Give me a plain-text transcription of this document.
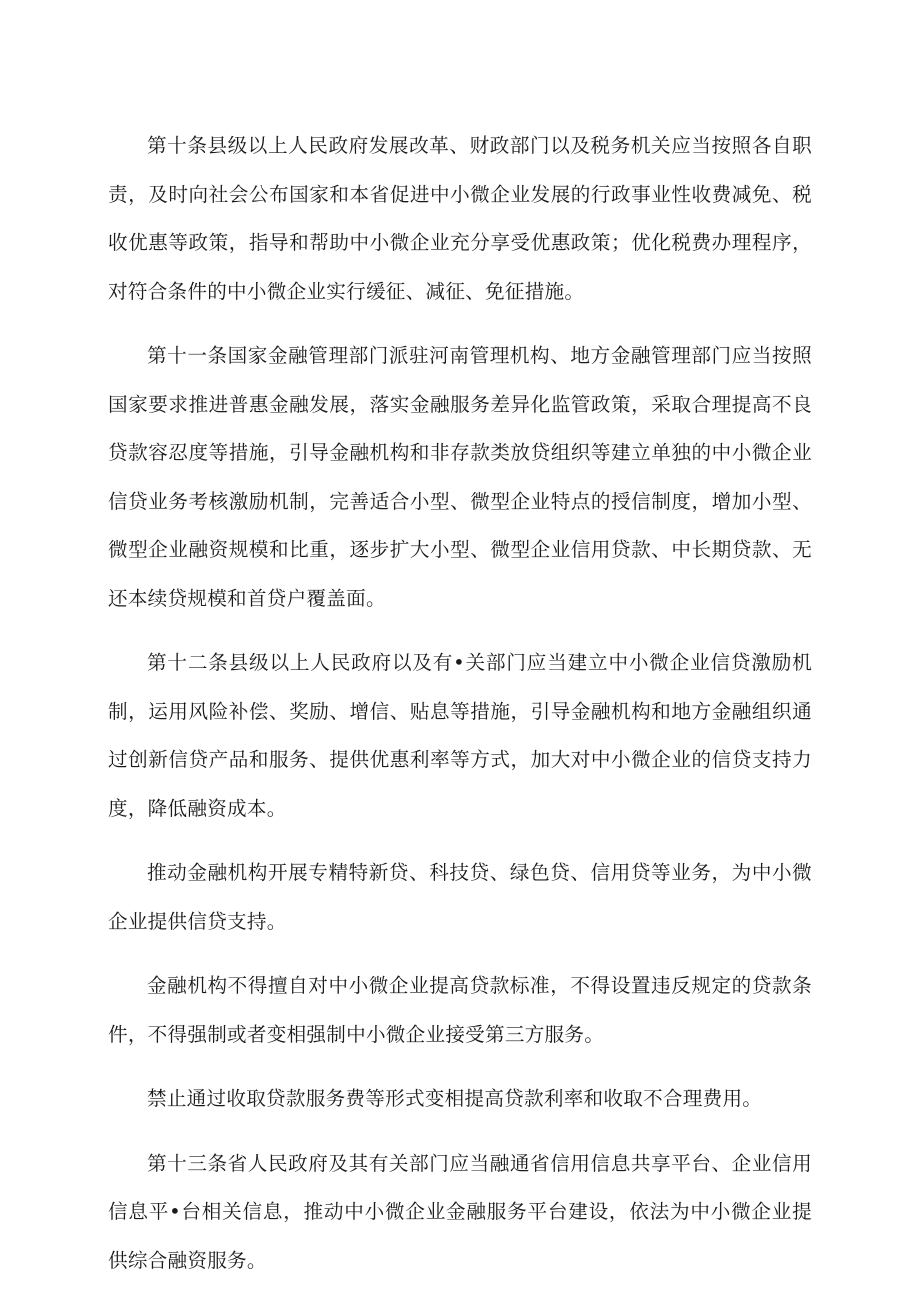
第十条县级以上人民政府发展改革、财政部门以及税务机关应当按照各自职责，及时向社会公布国家和本省促进中小微企业发展的行政事业性收费减免、税收优惠等政策，指导和帮助中小微企业充分享受优惠政策；优化税费办理程序，对符合条件的中小微企业实行缓征、减征、免征措施。

第十一条国家金融管理部门派驻河南管理机构、地方金融管理部门应当按照国家要求推进普惠金融发展，落实金融服务差异化监管政策，采取合理提高不良贷款容忍度等措施，引导金融机构和非存款类放贷组织等建立单独的中小微企业信贷业务考核激励机制，完善适合小型、微型企业特点的授信制度，增加小型、微型企业融资规模和比重，逐步扩大小型、微型企业信用贷款、中长期贷款、无还本续贷规模和首贷户覆盖面。

第十二条县级以上人民政府以及有•关部门应当建立中小微企业信贷激励机制，运用风险补偿、奖励、增信、贴息等措施，引导金融机构和地方金融组织通过创新信贷产品和服务、提供优惠利率等方式，加大对中小微企业的信贷支持力度，降低融资成本。

推动金融机构开展专精特新贷、科技贷、绿色贷、信用贷等业务，为中小微企业提供信贷支持。

金融机构不得擅自对中小微企业提高贷款标准，不得设置违反规定的贷款条件，不得强制或者变相强制中小微企业接受第三方服务。

禁止通过收取贷款服务费等形式变相提高贷款利率和收取不合理费用。

第十三条省人民政府及其有关部门应当融通省信用信息共享平台、企业信用信息平•台相关信息，推动中小微企业金融服务平台建设，依法为中小微企业提供综合融资服务。
